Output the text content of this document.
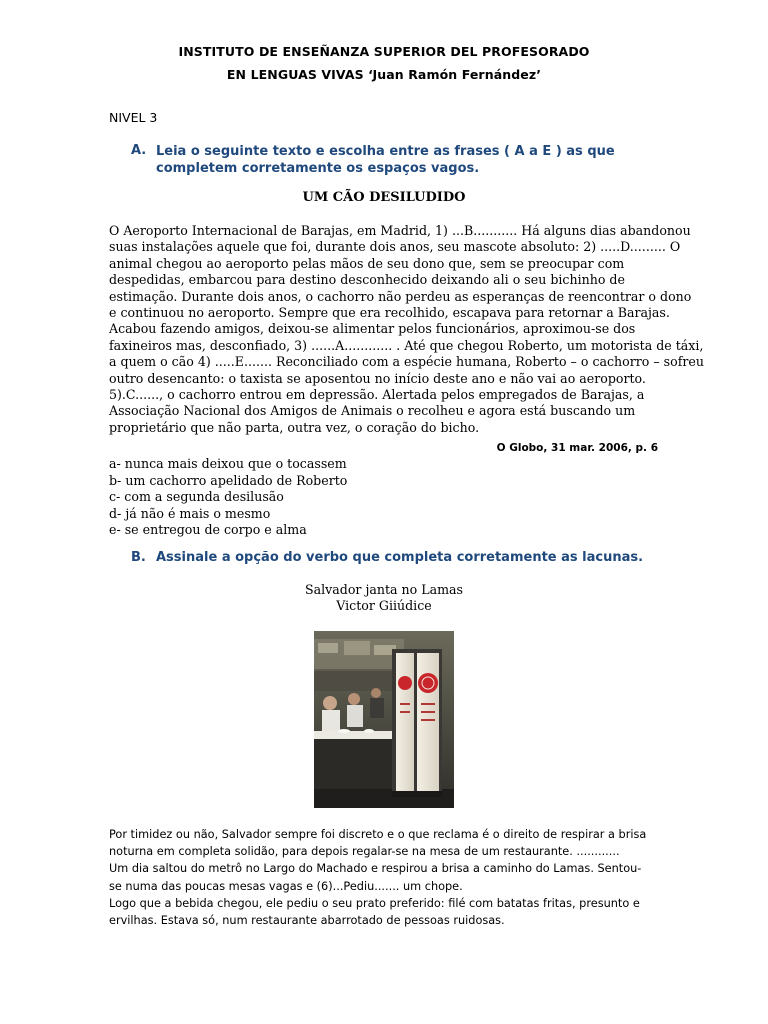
INSTITUTO DE ENSEÑANZA SUPERIOR DEL PROFESORADO
EN LENGUAS VIVAS ‘Juan Ramón Fernández’
NIVEL 3
A. Leia o seguinte texto e escolha entre as frases ( A a E ) as que completem corretamente os espaços vagos.
UM CÃO DESILUDIDO
O Aeroporto Internacional de Barajas, em Madrid, 1) ...B........... Há alguns dias abandonou
suas instalações aquele que foi, durante dois anos, seu mascote absoluto: 2) .....D......... O
animal chegou ao aeroporto pelas mãos de seu dono que, sem se preocupar com
despedidas, embarcou para destino desconhecido deixando ali o seu bichinho de
estimação. Durante dois anos, o cachorro não perdeu as esperanças de reencontrar o dono
e continuou no aeroporto. Sempre que era recolhido, escapava para retornar a Barajas.
Acabou fazendo amigos, deixou-se alimentar pelos funcionários, aproximou-se dos
faxineiros mas, desconfiado, 3) ......A............ . Até que chegou Roberto, um motorista de táxi,
a quem o cão 4) .....E....... Reconciliado com a espécie humana, Roberto – o cachorro – sofreu
outro desencanto: o taxista se aposentou no início deste ano e não vai ao aeroporto.
5).C......, o cachorro entrou em depressão. Alertada pelos empregados de Barajas, a
Associação Nacional dos Amigos de Animais o recolheu e agora está buscando um
proprietário que não parta, outra vez, o coração do bicho.
O Globo, 31 mar. 2006, p. 6
a- nunca mais deixou que o tocassem
b- um cachorro apelidado de Roberto
c- com a segunda desilusão
d- já não é mais o mesmo
e- se entregou de corpo e alma
B. Assinale a opção do verbo que completa corretamente as lacunas.
Salvador janta no Lamas
Victor Giiúdice
Por timidez ou não, Salvador sempre foi discreto e o que reclama é o direito de respirar a brisa
noturna em completa solidão, para depois regalar-se na mesa de um restaurante. ............
Um dia saltou do metrô no Largo do Machado e respirou a brisa a caminho do Lamas. Sentou-
se numa das poucas mesas vagas e (6)...Pediu....... um chope.
Logo que a bebida chegou, ele pediu o seu prato preferido: filé com batatas fritas, presunto e
ervilhas. Estava só, num restaurante abarrotado de pessoas ruidosas.
